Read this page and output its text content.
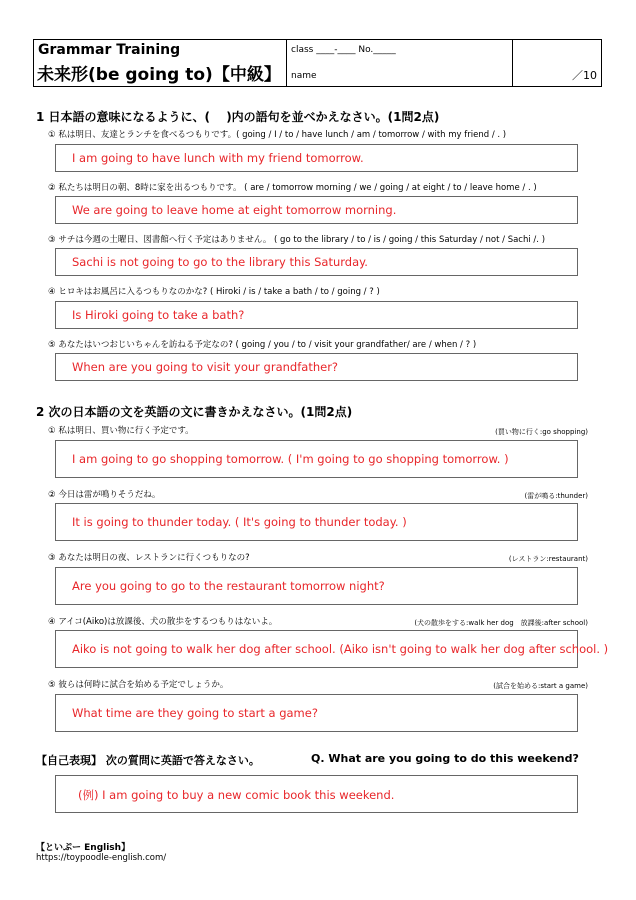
Grammar Training
未来形(be going to)【中級】
class ____-____ No._____
name	／10
1 日本語の意味になるように、(　 )内の語句を並べかえなさい。(1問2点)
① 私は明日、友達とランチを食べるつもりです。( going / I / to / have lunch / am / tomorrow / with my friend / . )
I am going to have lunch with my friend tomorrow.
② 私たちは明日の朝、8時に家を出るつもりです。 ( are / tomorrow morning / we / going / at eight / to / leave home / . )
We are going to leave home at eight tomorrow morning.
③ サチは今週の土曜日、図書館へ行く予定はありません。 ( go to the library / to / is / going / this Saturday / not / Sachi /. )
Sachi is not going to go to the library this Saturday.
④ ヒロキはお風呂に入るつもりなのかな? ( Hiroki / is / take a bath / to / going / ? )
Is Hiroki going to take a bath?
⑤ あなたはいつおじいちゃんを訪ねる予定なの? ( going / you / to / visit your grandfather/ are / when / ? )
When are you going to visit your grandfather?
2 次の日本語の文を英語の文に書きかえなさい。(1問2点)
① 私は明日、買い物に行く予定です。	(買い物に行く:go shopping)
I am going to go shopping tomorrow. ( I'm going to go shopping tomorrow. )
② 今日は雷が鳴りそうだね。	(雷が鳴る:thunder)
It is going to thunder today. ( It's going to thunder today. )
③ あなたは明日の夜、レストランに行くつもりなの?	(レストラン:restaurant)
Are you going to go to the restaurant tomorrow night?
④ アイコ(Aiko)は放課後、犬の散歩をするつもりはないよ。	(犬の散歩をする:walk her dog　放課後:after school)
Aiko is not going to walk her dog after school. (Aiko isn't going to walk her dog after school. )
⑤ 彼らは何時に試合を始める予定でしょうか。	(試合を始める:start a game)
What time are they going to start a game?
【自己表現】 次の質問に英語で答えなさい。	Q. What are you going to do this weekend?
(例) I am going to buy a new comic book this weekend.
【といぷー English】
https://toypoodle-english.com/
